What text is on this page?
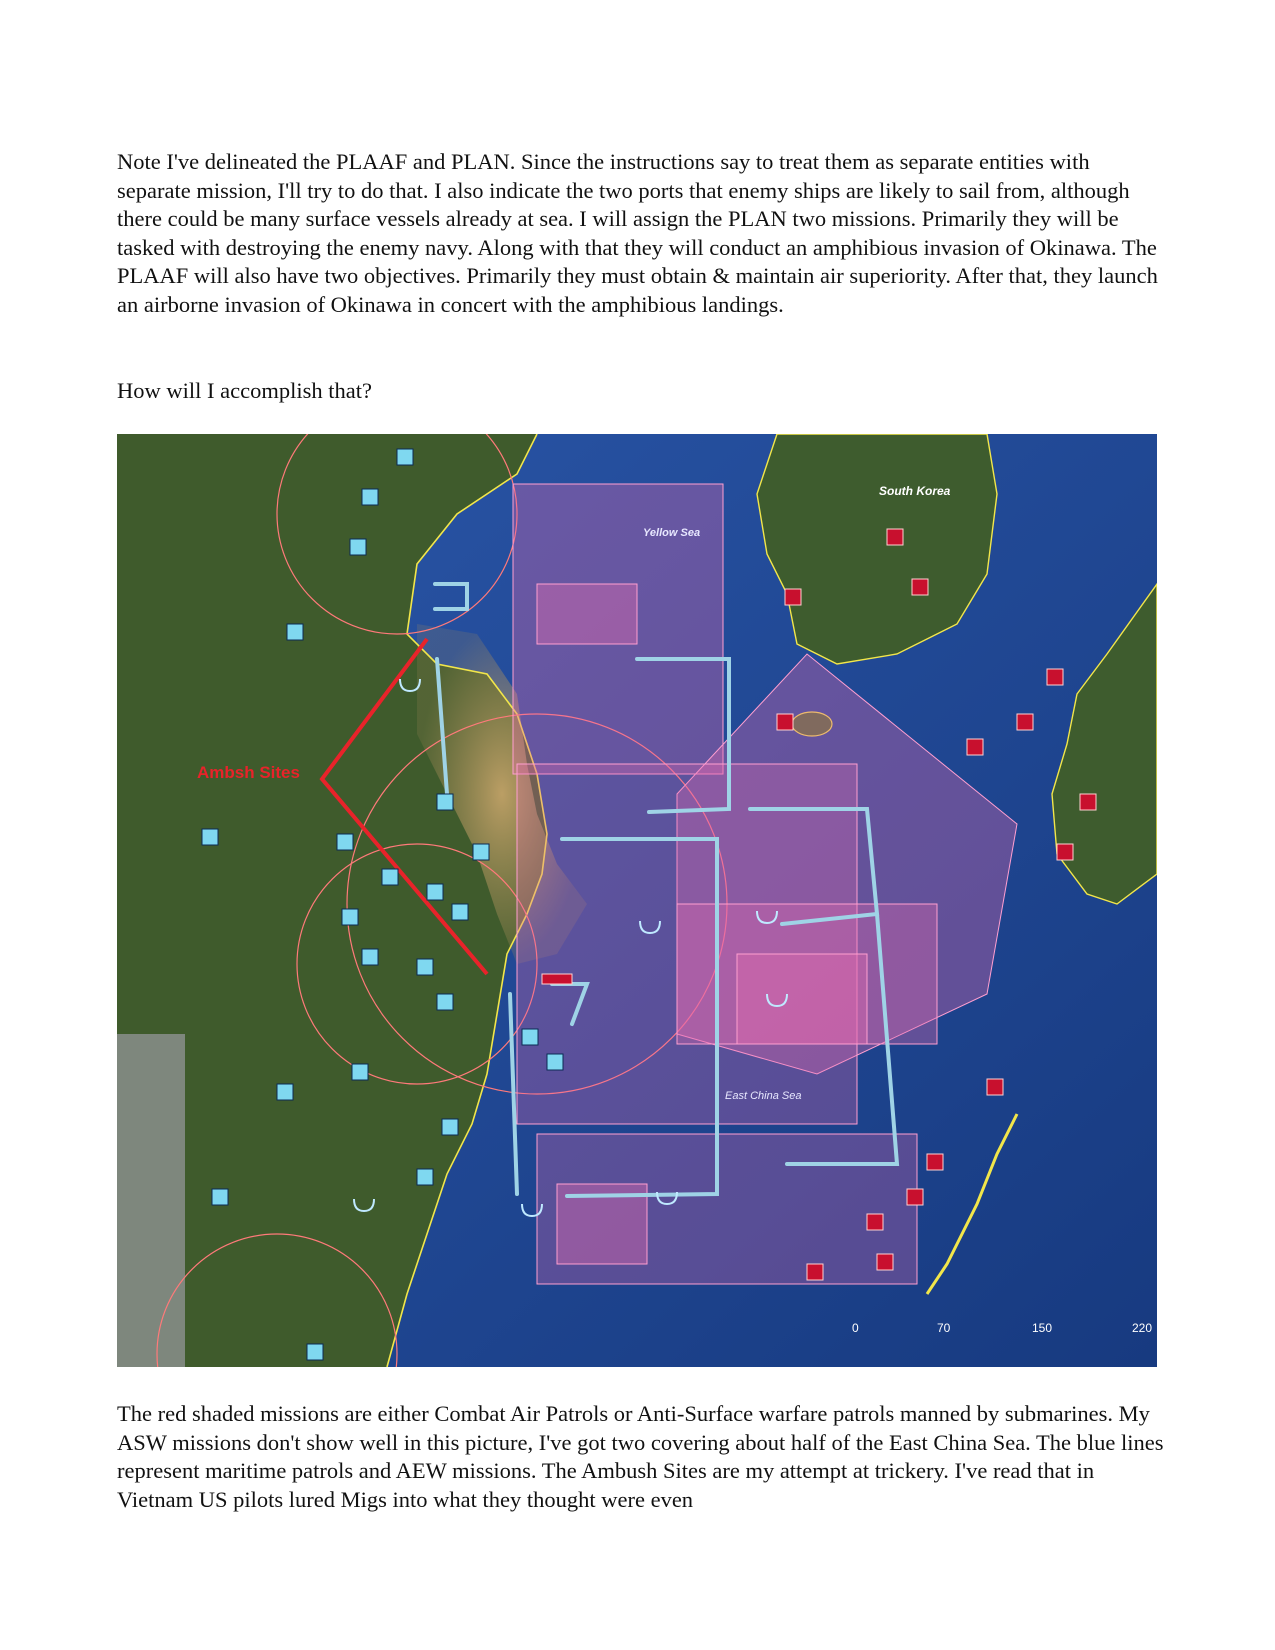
Note I've delineated the PLAAF and PLAN. Since the instructions say to treat them as separate entities with separate mission, I'll try to do that. I also indicate the two ports that enemy ships are likely to sail from, although there could be many surface vessels already at sea. I will assign the PLAN two missions. Primarily they will be tasked with destroying the enemy navy. Along with that they will conduct an amphibious invasion of Okinawa. The PLAAF will also have two objectives. Primarily they must obtain & maintain air superiority. After that, they launch an airborne invasion of Okinawa in concert with the amphibious landings.

How will I accomplish that?

Ambsh Sites
South Korea
Yellow Sea
East China Sea
0	70	150	220

The red shaded missions are either Combat Air Patrols or Anti-Surface warfare patrols manned by submarines. My ASW missions don't show well in this picture, I've got two covering about half of the East China Sea. The blue lines represent maritime patrols and AEW missions. The Ambush Sites are my attempt at trickery. I've read that in Vietnam US pilots lured Migs into what they thought were even
